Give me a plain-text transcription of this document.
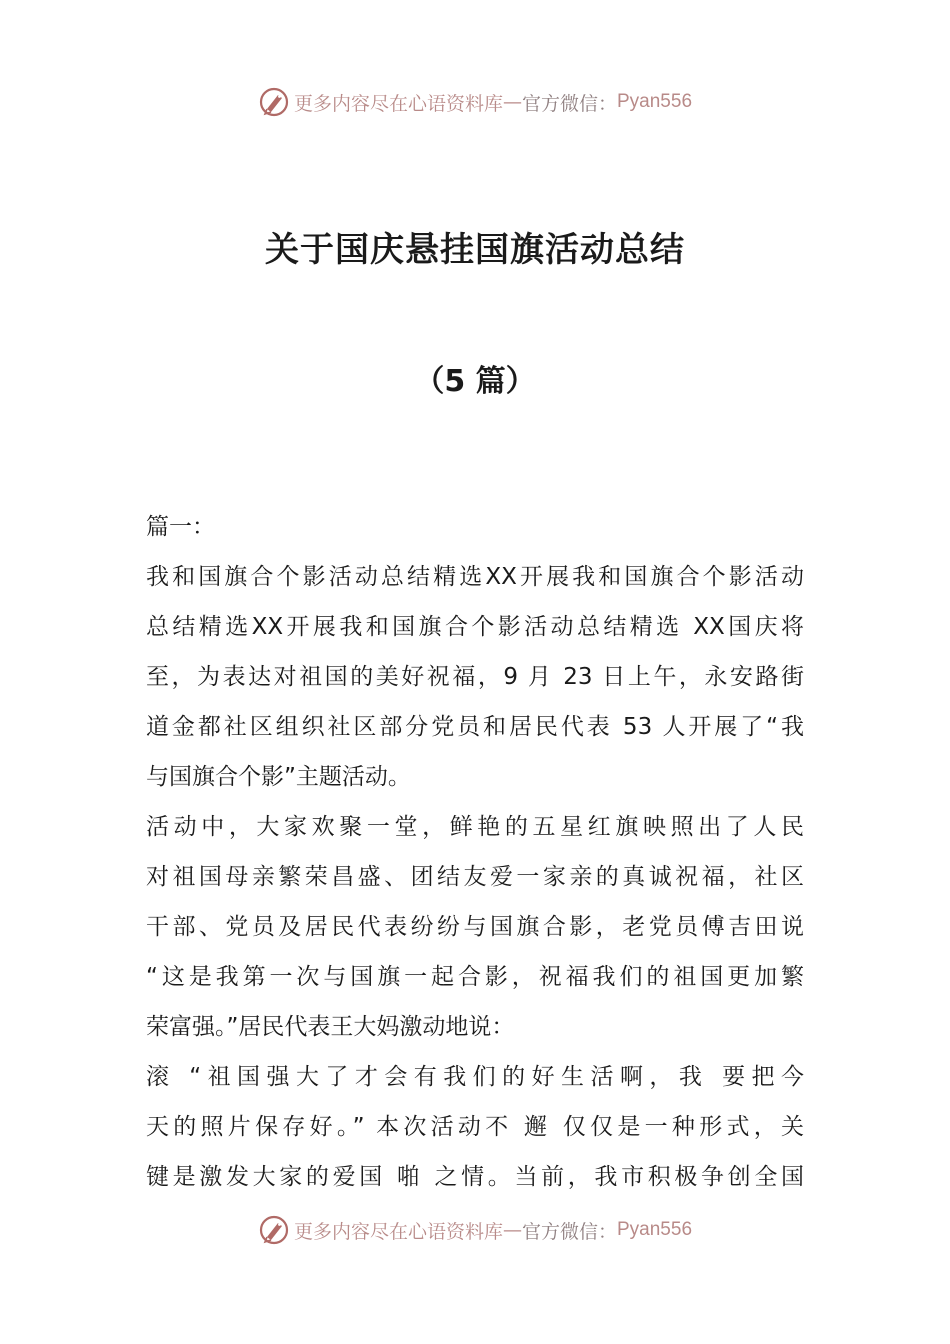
更多内容尽在心语资料库 — 官方微信： Pyan556
关于国庆悬挂国旗活动总结
（5 篇）
篇一：
我和国旗合个影活动总结精选XX开展我和国旗合个影活动
总结精选XX开展我和国旗合个影活动总结精选 XX国庆将
至，为表达对祖国的美好祝福，9 月 23 日上午，永安路街
道金都社区组织社区部分党员和居民代表 53 人开展了“我
与国旗合个影”主题活动。
活动中，大家欢聚一堂，鲜艳的五星红旗映照出了人民
对祖国母亲繁荣昌盛、团结友爱一家亲的真诚祝福，社区
干部、党员及居民代表纷纷与国旗合影，老党员傅吉田说
“这是我第一次与国旗一起合影，祝福我们的祖国更加繁
荣富强。”居民代表王大妈激动地说：
滚 “祖国强大了才会有我们的好生活啊，我 要把今
天的照片保存好。” 本次活动不 邂 仅仅是一种形式，关
键是激发大家的爱国 啪 之情。当前，我市积极争创全国
更多内容尽在心语资料库 — 官方微信： Pyan556
